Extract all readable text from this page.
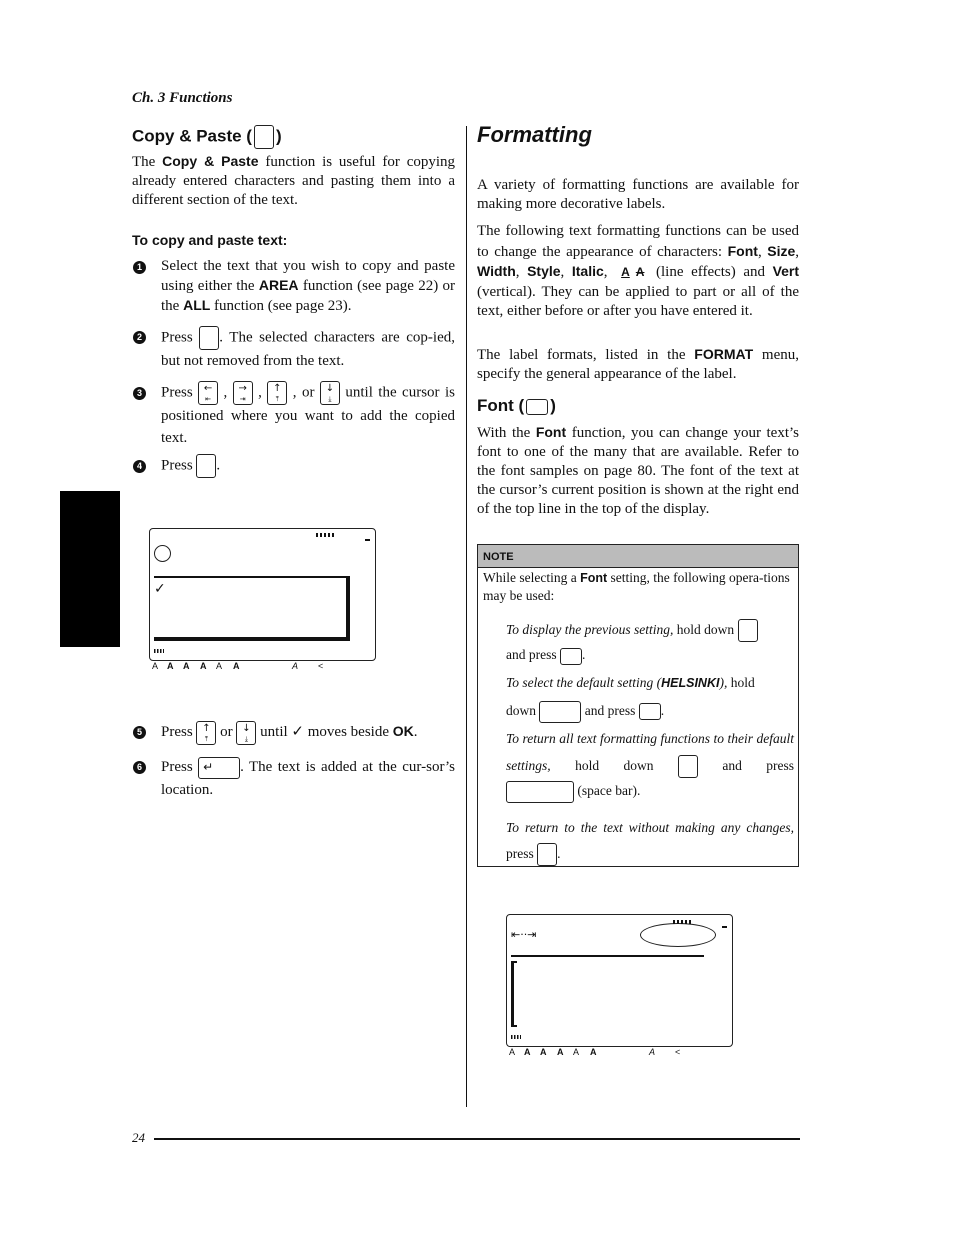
Ch. 3 Functions
Copy & Paste ( )
The Copy & Paste function is useful for copying already entered characters and pasting them into a different section of the text.
To copy and paste text:
1 Select the text that you wish to copy and paste using either the AREA function (see page 22) or the ALL function (see page 23).
2 Press . The selected characters are cop-ied, but not removed from the text.
3 Press ←
⇤ ,	→
⇥ ,	↑
⤒ , or	↓
⤓ until the cursor is positioned where you want to add the copied text.
4 Press .
✓
A A A A A A	A <
5 Press ↑
⤒ or ↓
⤓ until ✓ moves beside OK.
6 Press ↵	. The text is added at the cur-sor’s location.
Formatting
A variety of formatting functions are available for making more decorative labels.
The following text formatting functions can be used to change the appearance of characters: Font, Size, Width, Style, Italic, A A (line effects) and Vert (vertical). They can be applied to part or all of the text, either before or after you have entered it.
The label formats, listed in the FORMAT menu, specify the general appearance of the label.
Font ( )
With the Font function, you can change your text’s font to one of the many that are available. Refer to the font samples on page 80. The font of the text at the cursor’s current position is shown at the right end of the top line in the top of the display.
NOTE
While selecting a Font setting, the following opera-tions may be used:
To display the previous setting, hold down
and press .
To select the default setting (HELSINKI), hold
down	and press .
To return all text formatting functions to their default settings, hold down	and press
(space bar).
To return to the text without making any changes, press .
⇤··⇥
A A A A A A	A <
24
